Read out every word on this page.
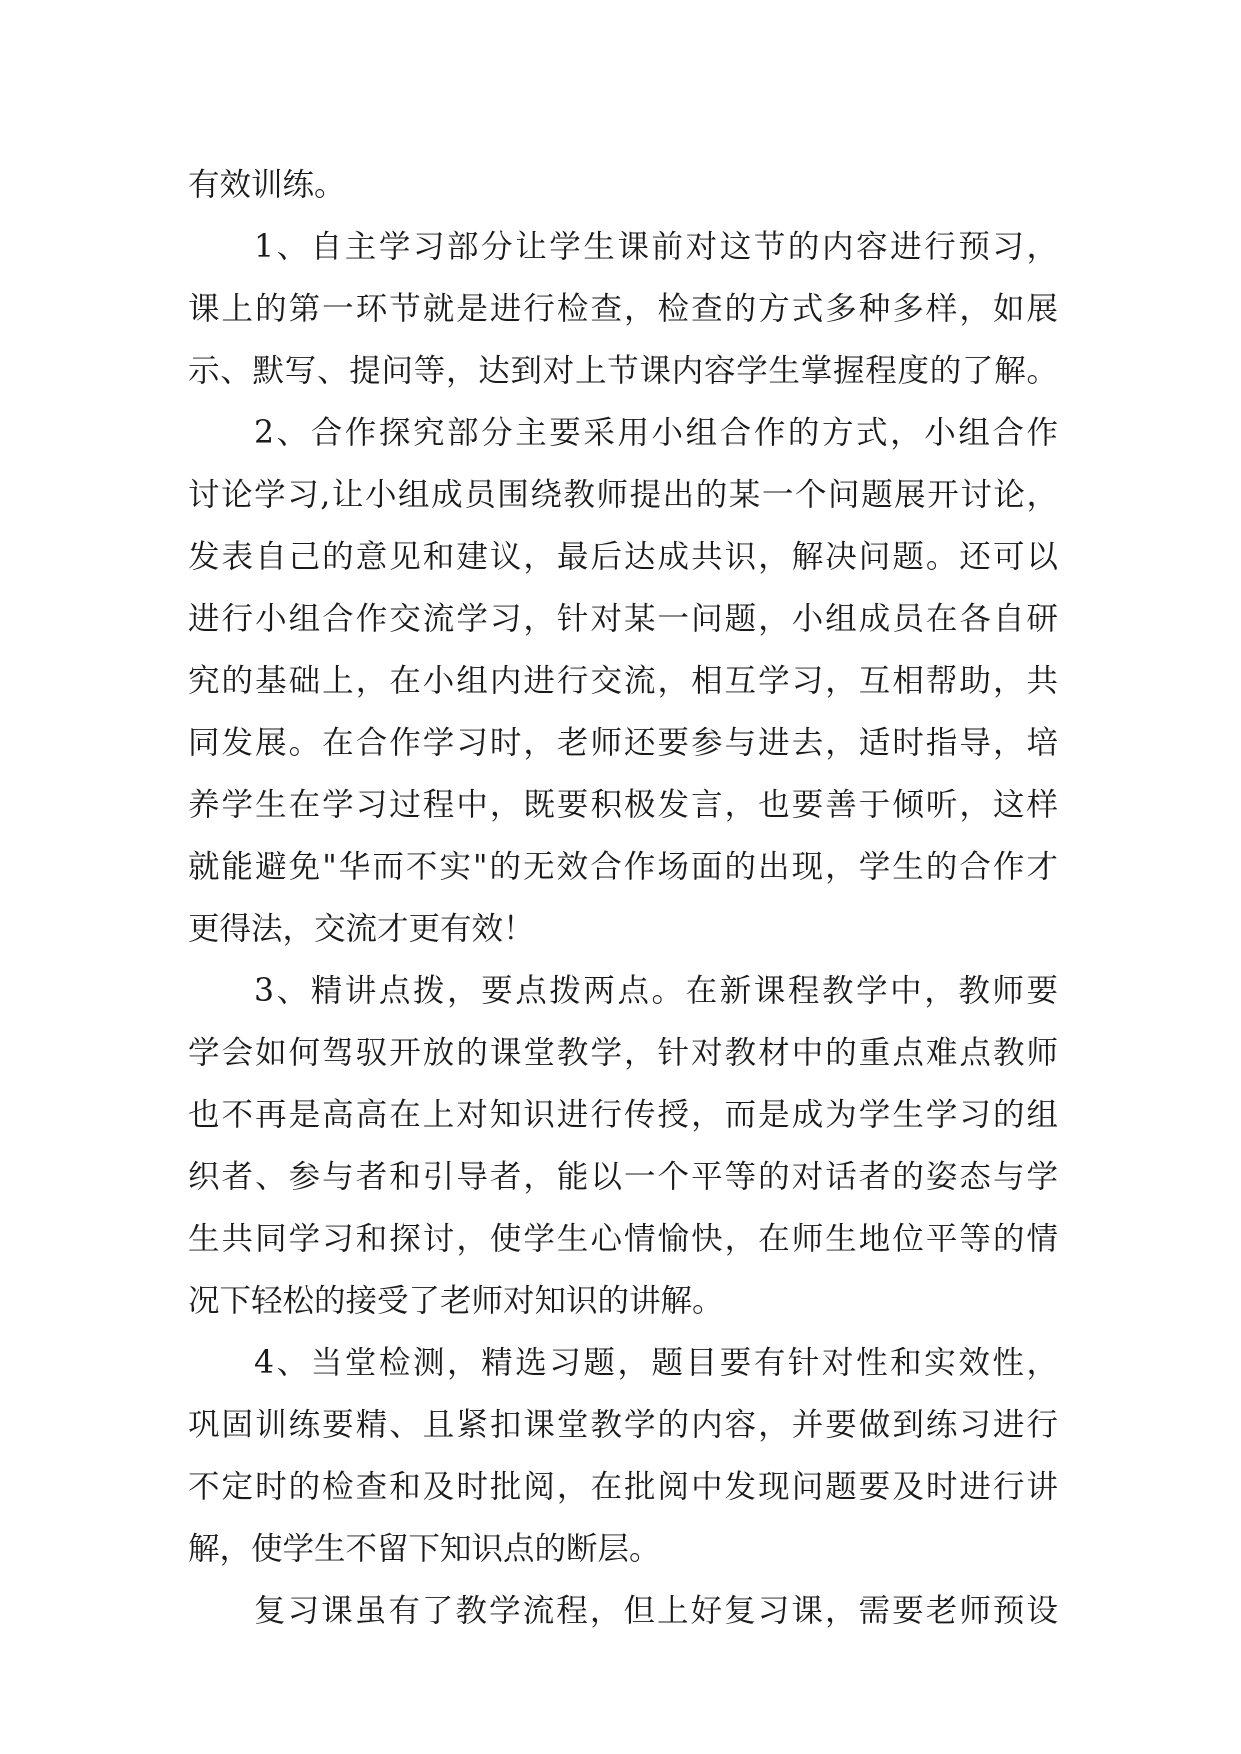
有效训练。
1、自主学习部分让学生课前对这节的内容进行预习，
课上的第一环节就是进行检查，检查的方式多种多样，如展
示、默写、提问等，达到对上节课内容学生掌握程度的了解。
2、合作探究部分主要采用小组合作的方式，小组合作
讨论学习,让小组成员围绕教师提出的某一个问题展开讨论，
发表自己的意见和建议，最后达成共识，解决问题。还可以
进行小组合作交流学习，针对某一问题，小组成员在各自研
究的基础上，在小组内进行交流，相互学习，互相帮助，共
同发展。在合作学习时，老师还要参与进去，适时指导，培
养学生在学习过程中，既要积极发言，也要善于倾听，这样
就能避免"华而不实"的无效合作场面的出现，学生的合作才
更得法，交流才更有效！
3、精讲点拨，要点拨两点。在新课程教学中，教师要
学会如何驾驭开放的课堂教学，针对教材中的重点难点教师
也不再是高高在上对知识进行传授，而是成为学生学习的组
织者、参与者和引导者，能以一个平等的对话者的姿态与学
生共同学习和探讨，使学生心情愉快，在师生地位平等的情
况下轻松的接受了老师对知识的讲解。
4、当堂检测，精选习题，题目要有针对性和实效性，
巩固训练要精、且紧扣课堂教学的内容，并要做到练习进行
不定时的检查和及时批阅，在批阅中发现问题要及时进行讲
解，使学生不留下知识点的断层。
复习课虽有了教学流程，但上好复习课，需要老师预设
